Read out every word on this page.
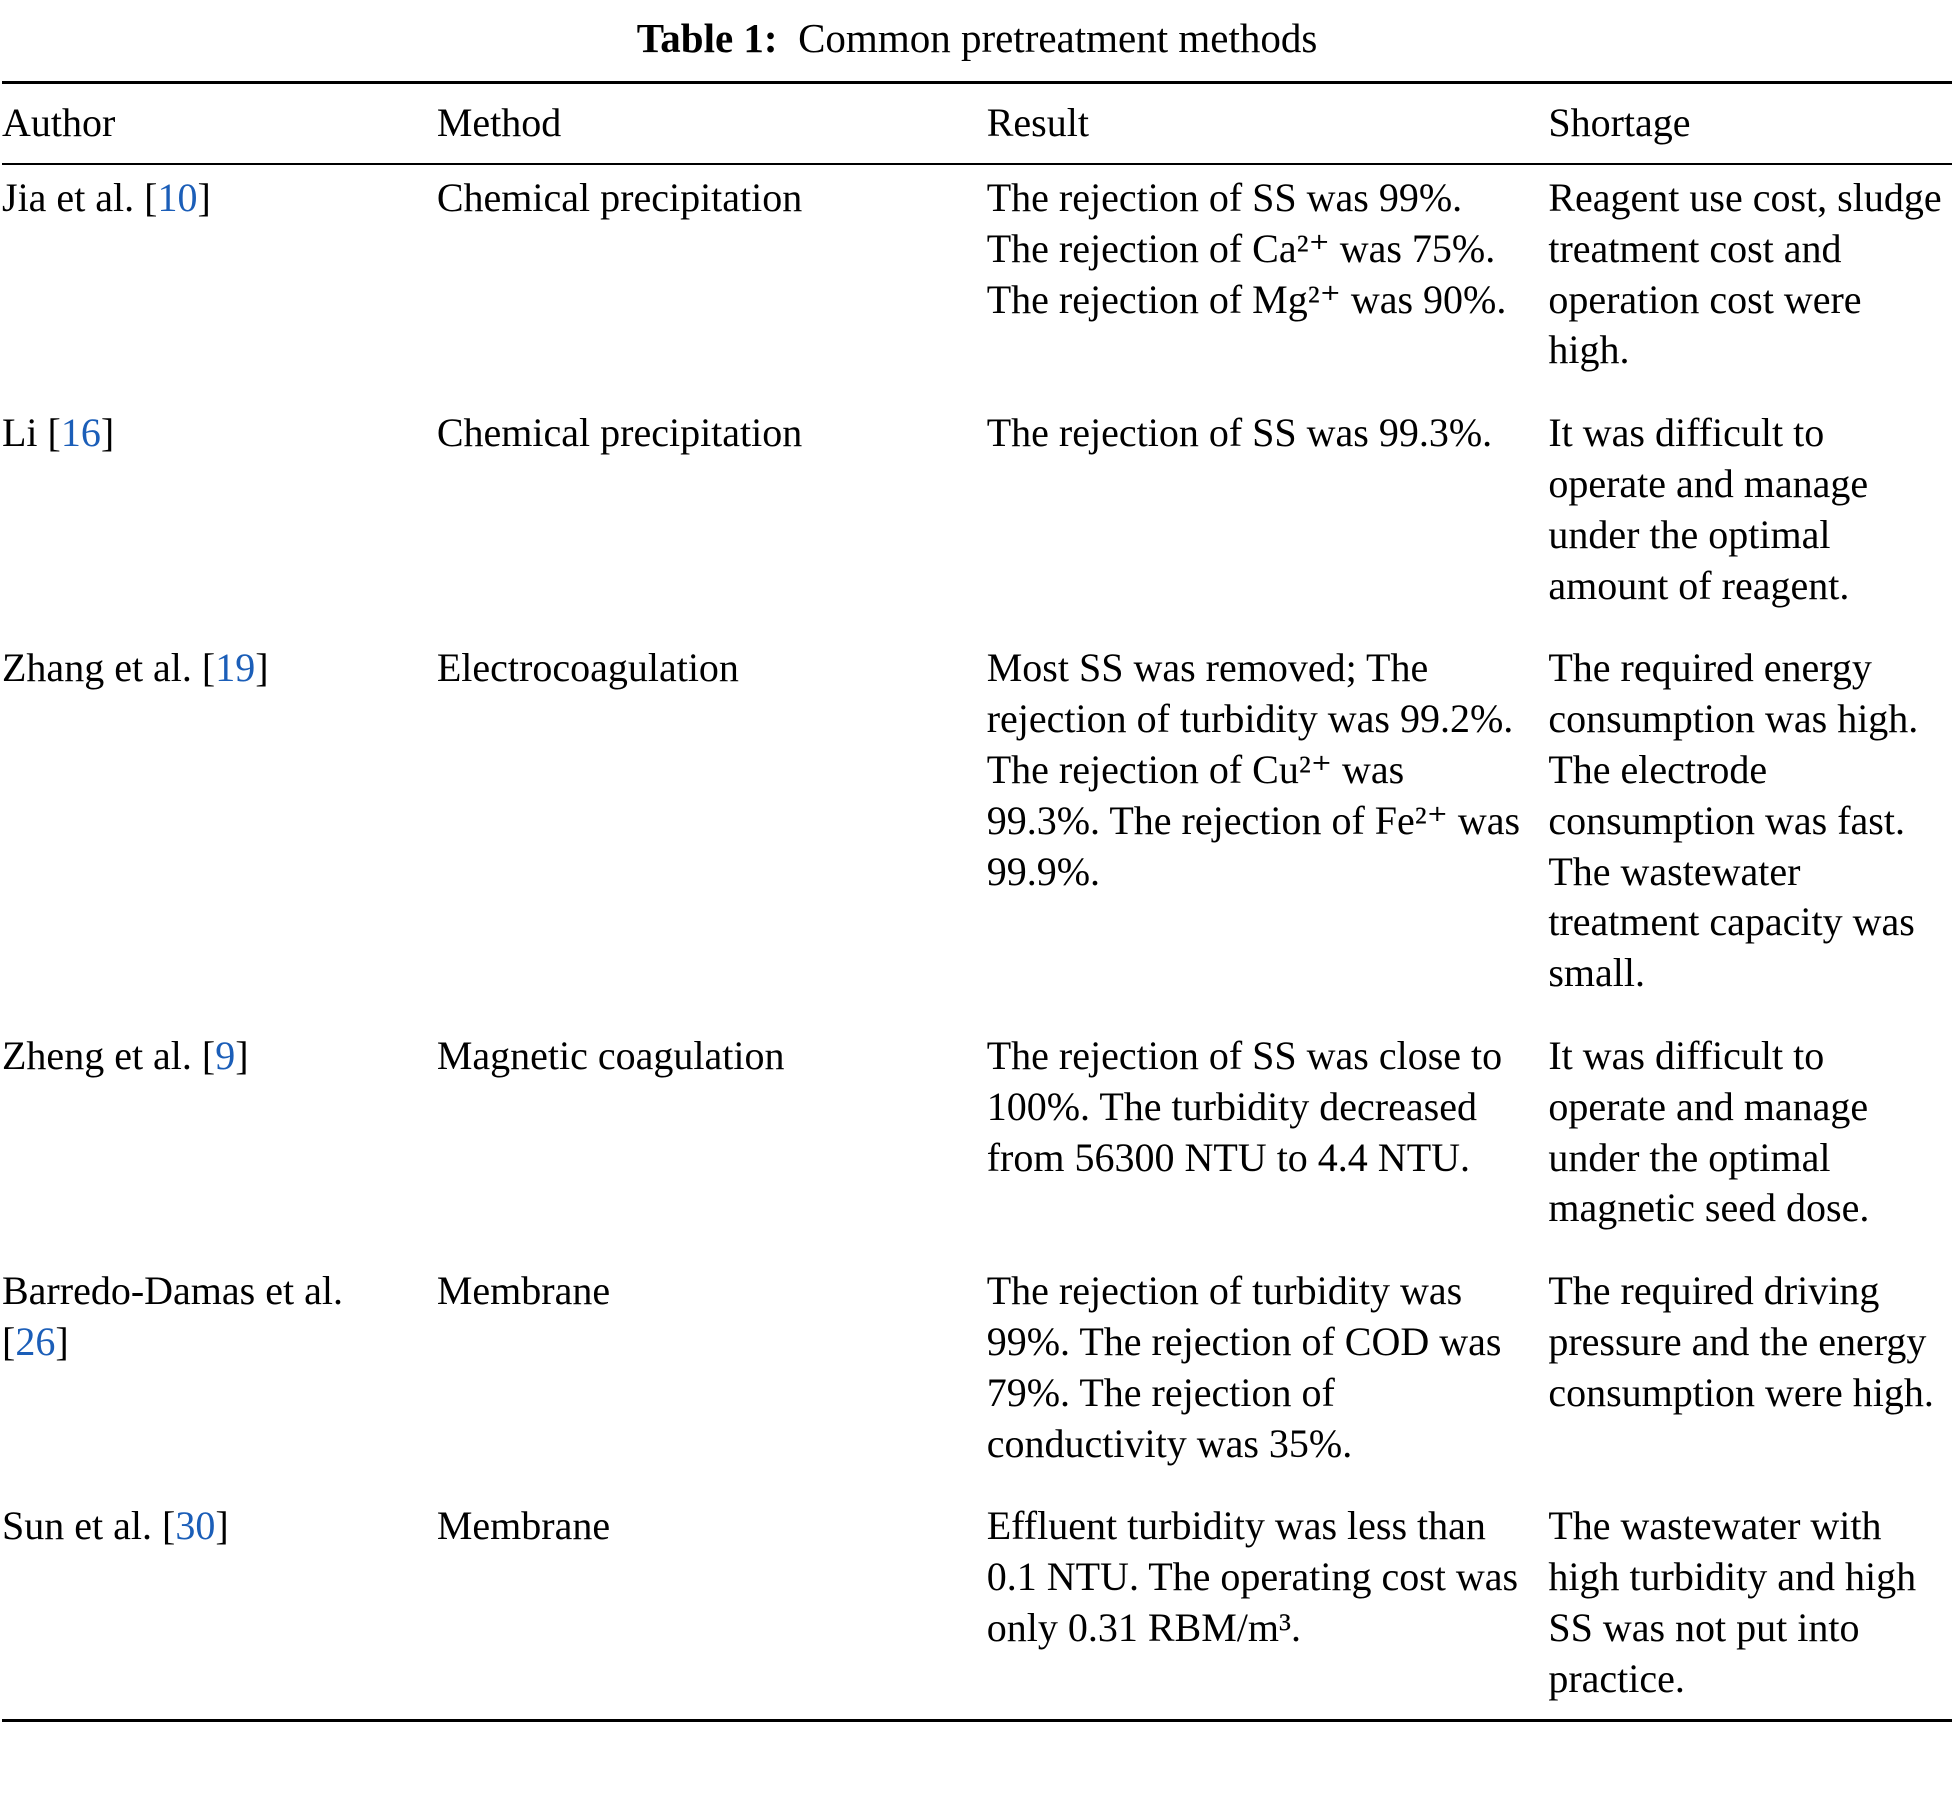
Table 1: Common pretreatment methods
Author	Method	Result	Shortage
Jia et al. [10]	Chemical precipitation	The rejection of SS was 99%. The rejection of Ca²⁺ was 75%. The rejection of Mg²⁺ was 90%.	Reagent use cost, sludge treatment cost and operation cost were high.
Li [16]	Chemical precipitation	The rejection of SS was 99.3%.	It was difficult to operate and manage under the optimal amount of reagent.
Zhang et al. [19]	Electrocoagulation	Most SS was removed; The rejection of turbidity was 99.2%. The rejection of Cu²⁺ was 99.3%. The rejection of Fe²⁺ was 99.9%.	The required energy consumption was high. The electrode consumption was fast. The wastewater treatment capacity was small.
Zheng et al. [9]	Magnetic coagulation	The rejection of SS was close to 100%. The turbidity decreased from 56300 NTU to 4.4 NTU.	It was difficult to operate and manage under the optimal magnetic seed dose.
Barredo-Damas et al. [26]	Membrane	The rejection of turbidity was 99%. The rejection of COD was 79%. The rejection of conductivity was 35%.	The required driving pressure and the energy consumption were high.
Sun et al. [30]	Membrane	Effluent turbidity was less than 0.1 NTU. The operating cost was only 0.31 RBM/m³.	The wastewater with high turbidity and high SS was not put into practice.
